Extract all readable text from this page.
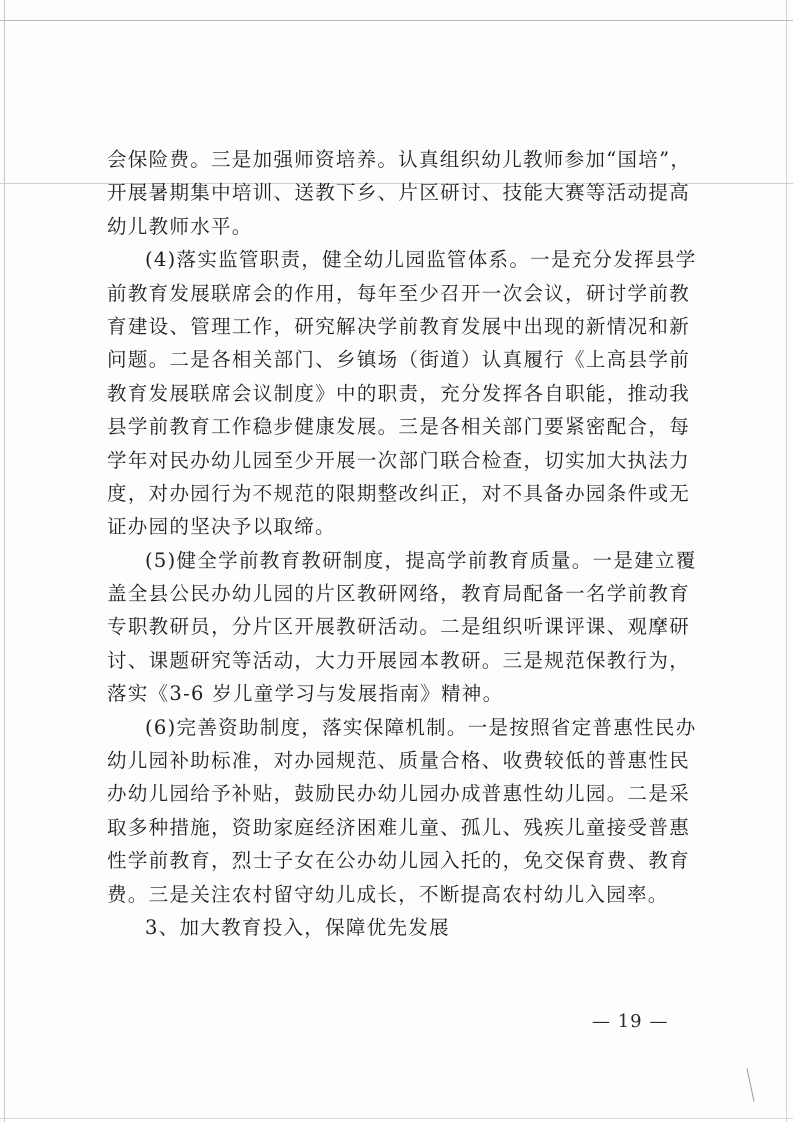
会保险费。三是加强师资培养。认真组织幼儿教师参加“国培”，
开展暑期集中培训、送教下乡、片区研讨、技能大赛等活动提高
幼儿教师水平。

(4)落实监管职责，健全幼儿园监管体系。一是充分发挥县学
前教育发展联席会的作用，每年至少召开一次会议，研讨学前教
育建设、管理工作，研究解决学前教育发展中出现的新情况和新
问题。二是各相关部门、乡镇场（街道）认真履行《上高县学前
教育发展联席会议制度》中的职责，充分发挥各自职能，推动我
县学前教育工作稳步健康发展。三是各相关部门要紧密配合，每
学年对民办幼儿园至少开展一次部门联合检查，切实加大执法力
度，对办园行为不规范的限期整改纠正，对不具备办园条件或无
证办园的坚决予以取缔。

(5)健全学前教育教研制度，提高学前教育质量。一是建立覆
盖全县公民办幼儿园的片区教研网络，教育局配备一名学前教育
专职教研员，分片区开展教研活动。二是组织听课评课、观摩研
讨、课题研究等活动，大力开展园本教研。三是规范保教行为，
落实《3-6 岁儿童学习与发展指南》精神。

(6)完善资助制度，落实保障机制。一是按照省定普惠性民办
幼儿园补助标准，对办园规范、质量合格、收费较低的普惠性民
办幼儿园给予补贴，鼓励民办幼儿园办成普惠性幼儿园。二是采
取多种措施，资助家庭经济困难儿童、孤儿、残疾儿童接受普惠
性学前教育，烈士子女在公办幼儿园入托的，免交保育费、教育
费。三是关注农村留守幼儿成长，不断提高农村幼儿入园率。

3、加大教育投入，保障优先发展
— 19 —
